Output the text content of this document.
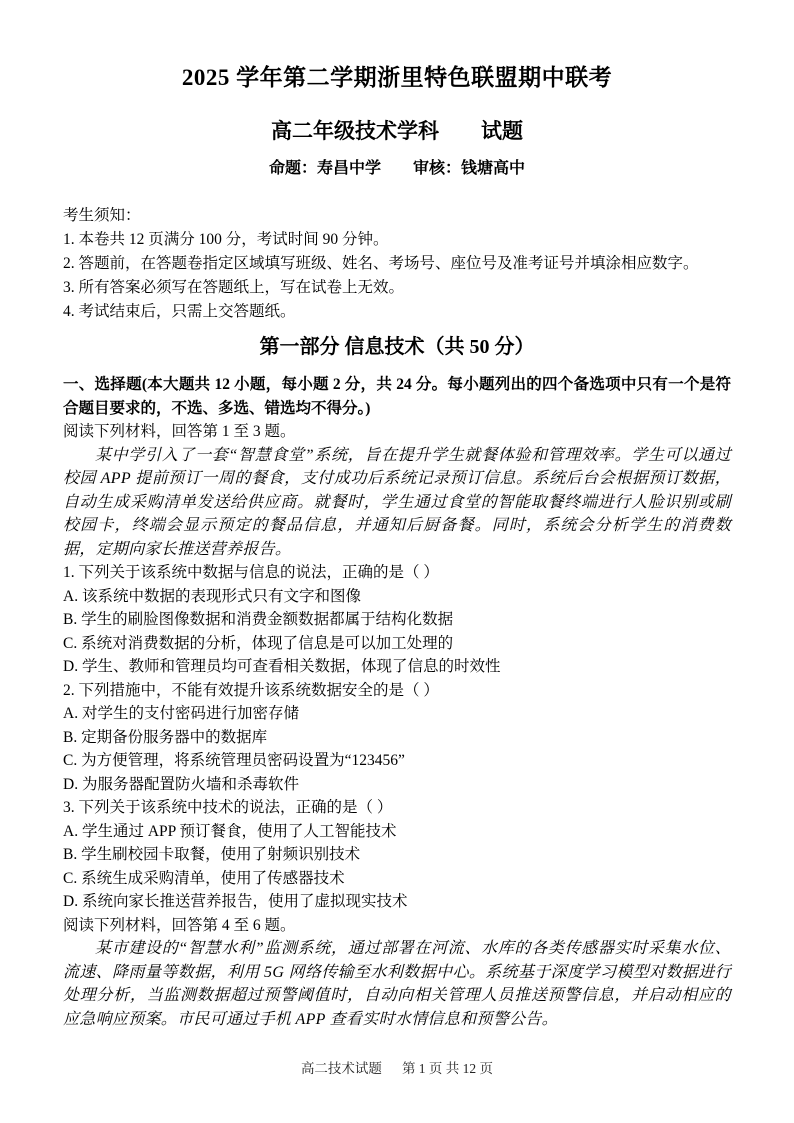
2025 学年第二学期浙里特色联盟期中联考
高二年级技术学科　　试题
命题：寿昌中学　　审核：钱塘高中

考生须知：

1. 本卷共 12 页满分 100 分，考试时间 90 分钟。

2. 答题前，在答题卷指定区域填写班级、姓名、考场号、座位号及准考证号并填涂相应数字。

3. 所有答案必须写在答题纸上，写在试卷上无效。

4. 考试结束后，只需上交答题纸。

第一部分 信息技术（共 50 分）

一、选择题(本大题共 12 小题，每小题 2 分，共 24 分。每小题列出的四个备选项中只有一个是符合题目要求的，不选、多选、错选均不得分。)

阅读下列材料，回答第 1 至 3 题。

某中学引入了一套“智慧食堂”系统，旨在提升学生就餐体验和管理效率。学生可以通过校园 APP 提前预订一周的餐食，支付成功后系统记录预订信息。系统后台会根据预订数据，自动生成采购清单发送给供应商。就餐时，学生通过食堂的智能取餐终端进行人脸识别或刷校园卡，终端会显示预定的餐品信息，并通知后厨备餐。同时，系统会分析学生的消费数据，定期向家长推送营养报告。

1. 下列关于该系统中数据与信息的说法，正确的是（ ）

A. 该系统中数据的表现形式只有文字和图像

B. 学生的刷脸图像数据和消费金额数据都属于结构化数据

C. 系统对消费数据的分析，体现了信息是可以加工处理的

D. 学生、教师和管理员均可查看相关数据，体现了信息的时效性

2. 下列措施中，不能有效提升该系统数据安全的是（ ）

A. 对学生的支付密码进行加密存储

B. 定期备份服务器中的数据库

C. 为方便管理，将系统管理员密码设置为“123456”

D. 为服务器配置防火墙和杀毒软件

3. 下列关于该系统中技术的说法，正确的是（ ）

A. 学生通过 APP 预订餐食，使用了人工智能技术

B. 学生刷校园卡取餐，使用了射频识别技术

C. 系统生成采购清单，使用了传感器技术

D. 系统向家长推送营养报告，使用了虚拟现实技术

阅读下列材料，回答第 4 至 6 题。

某市建设的“智慧水利”监测系统，通过部署在河流、水库的各类传感器实时采集水位、流速、降雨量等数据，利用 5G 网络传输至水利数据中心。系统基于深度学习模型对数据进行处理分析，当监测数据超过预警阈值时，自动向相关管理人员推送预警信息，并启动相应的应急响应预案。市民可通过手机 APP 查看实时水情信息和预警公告。

高二技术试题 第 1 页 共 12 页
